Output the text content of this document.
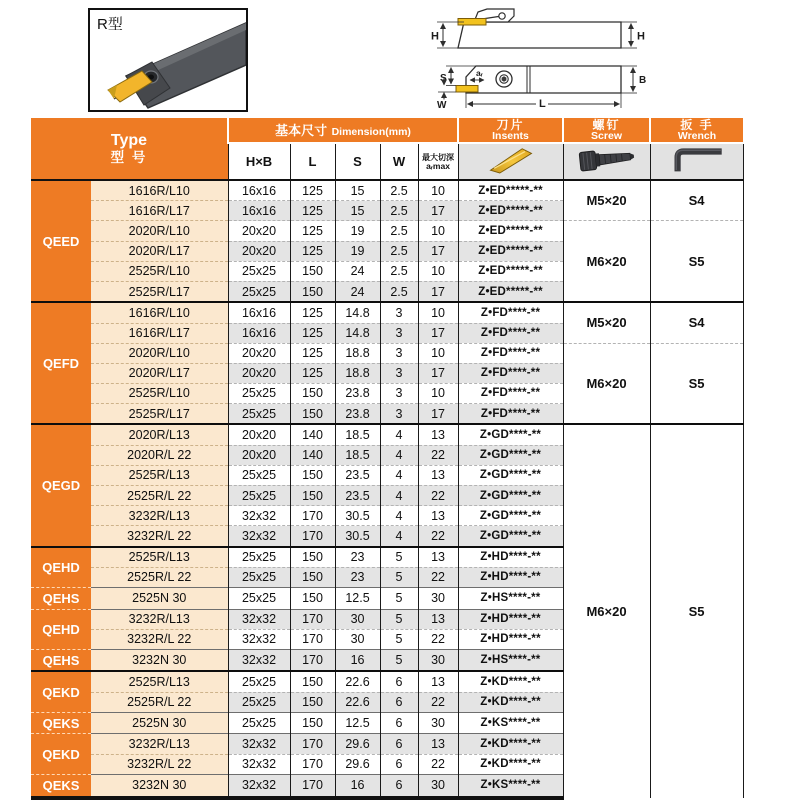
R型
H	H
S
W
aᵣ
B
L
Type
型 号
	基本尺寸 Dimension(mm)	
刀片
Insents

螺钉
Screw

扳 手
Wrench

		H×B	L	S	W	最大切深
aᵣmax

QEED	1616R/L10	16x16	125	15	2.5	10	Z•ED*****-**	M5×20	S4
	1616R/L17	16x16	125	15	2.5	17	Z•ED*****-**		
	2020R/L10	20x20	125	19	2.5	10	Z•ED*****-**	M6×20	S5
	2020R/L17	20x20	125	19	2.5	17	Z•ED*****-**		
	2525R/L10	25x25	150	24	2.5	10	Z•ED*****-**		
	2525R/L17	25x25	150	24	2.5	17	Z•ED*****-**		
QEFD	1616R/L10	16x16	125	14.8	3	10	Z•FD****-**	M5×20	S4
	1616R/L17	16x16	125	14.8	3	17	Z•FD****-**		
	2020R/L10	20x20	125	18.8	3	10	Z•FD****-**	M6×20	S5
	2020R/L17	20x20	125	18.8	3	17	Z•FD****-**		
	2525R/L10	25x25	150	23.8	3	10	Z•FD****-**		
	2525R/L17	25x25	150	23.8	3	17	Z•FD****-**		
QEGD	2020R/L13	20x20	140	18.5	4	13	Z•GD****-**	M6×20	S5
	2020R/L 22	20x20	140	18.5	4	22	Z•GD****-**		
	2525R/L13	25x25	150	23.5	4	13	Z•GD****-**		
	2525R/L 22	25x25	150	23.5	4	22	Z•GD****-**		
	3232R/L13	32x32	170	30.5	4	13	Z•GD****-**		
	3232R/L 22	32x32	170	30.5	4	22	Z•GD****-**		
QEHD	2525R/L13	25x25	150	23	5	13	Z•HD****-**		
	2525R/L 22	25x25	150	23	5	22	Z•HD****-**		
QEHS	2525N 30	25x25	150	12.5	5	30	Z•HS****-**		
QEHD	3232R/L13	32x32	170	30	5	13	Z•HD****-**		
	3232R/L 22	32x32	170	30	5	22	Z•HD****-**		
QEHS	3232N 30	32x32	170	16	5	30	Z•HS****-**		
QEKD	2525R/L13	25x25	150	22.6	6	13	Z•KD****-**		
	2525R/L 22	25x25	150	22.6	6	22	Z•KD****-**		
QEKS	2525N 30	25x25	150	12.5	6	30	Z•KS****-**		
QEKD	3232R/L13	32x32	170	29.6	6	13	Z•KD****-**		
	3232R/L 22	32x32	170	29.6	6	22	Z•KD****-**		
QEKS	3232N 30	32x32	170	16	6	30	Z•KS****-**		
